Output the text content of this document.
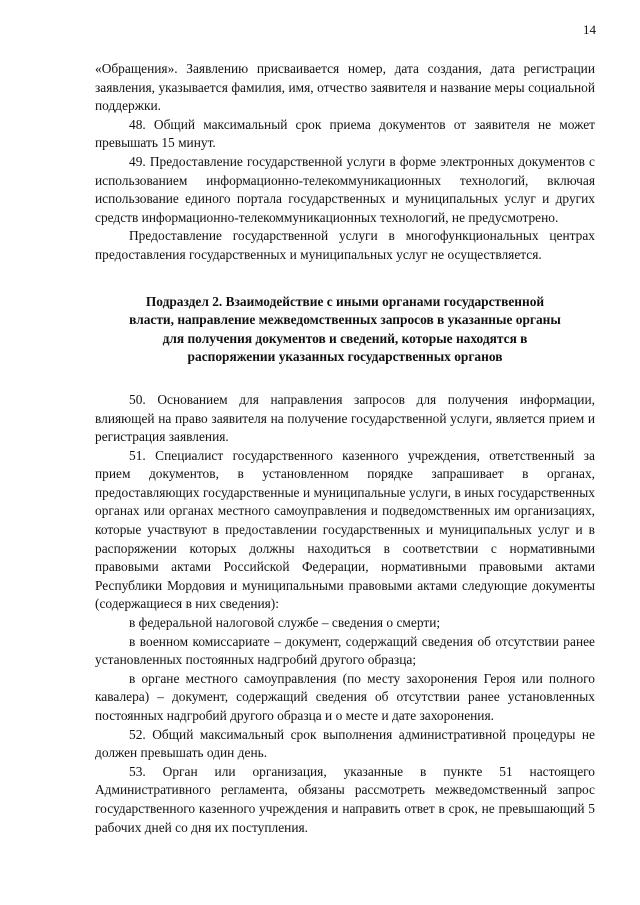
14

«Обращения». Заявлению присваивается номер, дата создания, дата регистрации заявления, указывается фамилия, имя, отчество заявителя и название меры социальной поддержки.

48. Общий максимальный срок приема документов от заявителя не может превышать 15 минут.

49. Предоставление государственной услуги в форме электронных документов с использованием информационно-телекоммуникационных технологий, включая использование единого портала государственных и муниципальных услуг и других средств информационно-телекоммуникационных технологий, не предусмотрено.

Предоставление государственной услуги в многофункциональных центрах предоставления государственных и муниципальных услуг не осуществляется.

Подраздел 2. Взаимодействие с иными органами государственной
власти, направление межведомственных запросов в указанные органы
для получения документов и сведений, которые находятся в
распоряжении указанных государственных органов

50. Основанием для направления запросов для получения информации, влияющей на право заявителя на получение государственной услуги, является прием и регистрация заявления.

51. Специалист государственного казенного учреждения, ответственный за прием документов, в установленном порядке запрашивает в органах, предоставляющих государственные и муниципальные услуги, в иных государственных органах или органах местного самоуправления и подведомственных им организациях, которые участвуют в предоставлении государственных и муниципальных услуг и в распоряжении которых должны находиться в соответствии с нормативными правовыми актами Российской Федерации, нормативными правовыми актами Республики Мордовия и муниципальными правовыми актами следующие документы (содержащиеся в них сведения):

в федеральной налоговой службе – сведения о смерти;

в военном комиссариате – документ, содержащий сведения об отсутствии ранее установленных постоянных надгробий другого образца;

в органе местного самоуправления (по месту захоронения Героя или полного кавалера) – документ, содержащий сведения об отсутствии ранее установленных постоянных надгробий другого образца и о месте и дате захоронения.

52. Общий максимальный срок выполнения административной процедуры не должен превышать один день.

53. Орган или организация, указанные в пункте 51 настоящего Административного регламента, обязаны рассмотреть межведомственный запрос государственного казенного учреждения и направить ответ в срок, не превышающий 5 рабочих дней со дня их поступления.
